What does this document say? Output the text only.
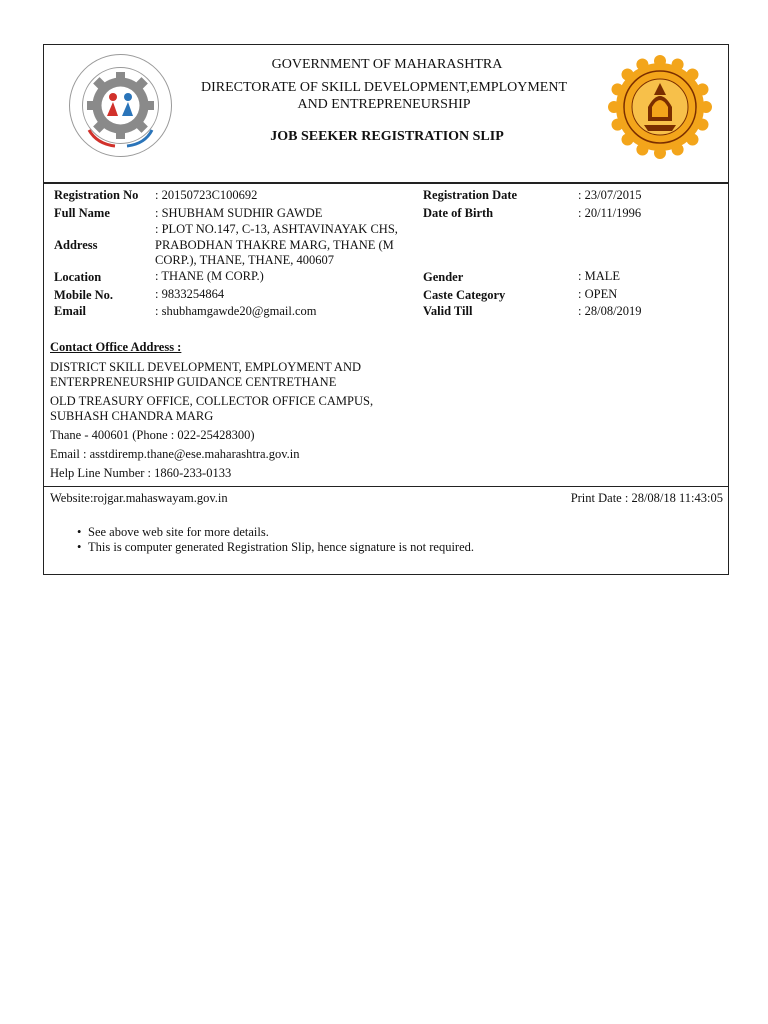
GOVERNMENT OF MAHARASHTRA
DIRECTORATE OF SKILL DEVELOPMENT,EMPLOYMENT
AND ENTREPRENEURSHIP
JOB SEEKER REGISTRATION SLIP
Registration No : 20150723C100692	Registration Date	: 23/07/2015
Full Name	: SHUBHAM SUDHIR GAWDE	Date of Birth	: 20/11/1996
Address
: PLOT NO.147, C-13, ASHTAVINAYAK CHS,
PRABODHAN THAKRE MARG, THANE (M
CORP.), THANE, THANE, 400607
Location	: THANE (M CORP.)	Gender	: MALE
Mobile No.	: 9833254864	Caste Category	: OPEN
Email	: shubhamgawde20@gmail.com	Valid Till	: 28/08/2019
Contact Office Address :
DISTRICT SKILL DEVELOPMENT, EMPLOYMENT AND
ENTERPRENEURSHIP GUIDANCE CENTRETHANE
OLD TREASURY OFFICE, COLLECTOR OFFICE CAMPUS,
SUBHASH CHANDRA MARG
Thane - 400601 (Phone : 022-25428300)
Email : asstdiremp.thane@ese.maharashtra.gov.in
Help Line Number : 1860-233-0133
Website:rojgar.mahaswayam.gov.in	Print Date : 28/08/18 11:43:05
• See above web site for more details.
• This is computer generated Registration Slip, hence signature is not required.
